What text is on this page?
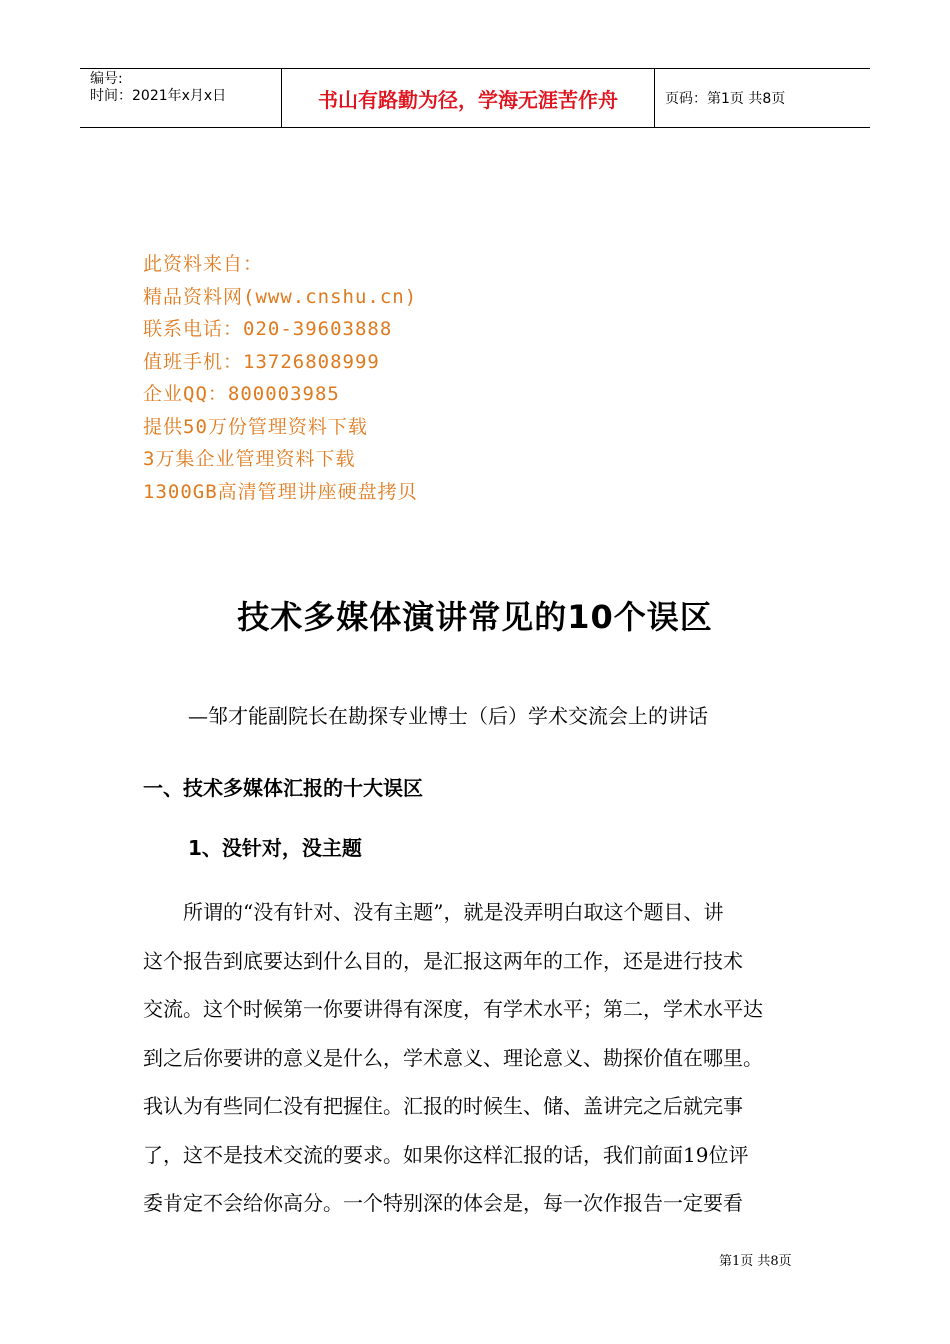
编号:
时间：2021年x月x日	书山有路勤为径，学海无涯苦作舟	页码：第1页 共8页
此资料来自：
精品资料网(www.cnshu.cn)
联系电话：020-39603888
值班手机：13726808999
企业QQ：800003985
提供50万份管理资料下载
3万集企业管理资料下载
1300GB高清管理讲座硬盘拷贝
技术多媒体演讲常见的10个误区
—邹才能副院长在勘探专业博士（后）学术交流会上的讲话
一、技术多媒体汇报的十大误区
1、没针对，没主题
　　所谓的“没有针对、没有主题”，就是没弄明白取这个题目、讲
这个报告到底要达到什么目的，是汇报这两年的工作，还是进行技术
交流。这个时候第一你要讲得有深度，有学术水平；第二，学术水平达
到之后你要讲的意义是什么，学术意义、理论意义、勘探价值在哪里。
我认为有些同仁没有把握住。汇报的时候生、储、盖讲完之后就完事
了，这不是技术交流的要求。如果你这样汇报的话，我们前面19位评
委肯定不会给你高分。一个特别深的体会是，每一次作报告一定要看
第1页 共8页
